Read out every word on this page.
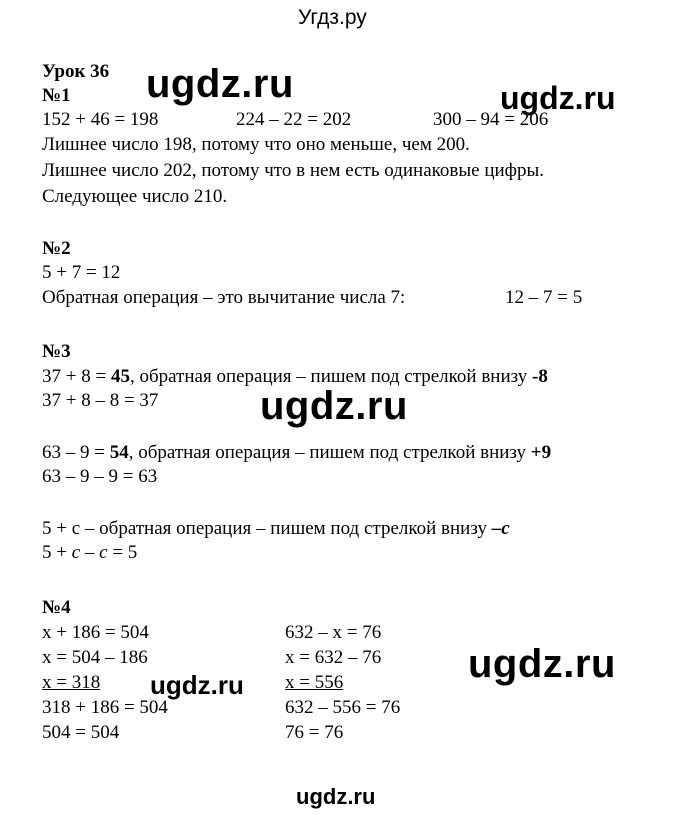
Угдз.ру
ugdz.ru	ugdz.ru
ugdz.ru
ugdz.ru
ugdz.ru
ugdz.ru
Урок 36
№1
152 + 46 = 198	224 – 22 = 202	300 – 94 = 206
Лишнее число 198, потому что оно меньше, чем 200.
Лишнее число 202, потому что в нем есть одинаковые цифры.
Следующее число 210.
№2
5 + 7 = 12
Обратная операция – это вычитание числа 7:	12 – 7 = 5
№3
37 + 8 = 45, обратная операция – пишем под стрелкой внизу -8
37 + 8 – 8 = 37
63 – 9 = 54, обратная операция – пишем под стрелкой внизу +9
63 – 9 – 9 = 63
5 + с – обратная операция – пишем под стрелкой внизу –с
5 + с – с = 5
№4
x + 186 = 504
x = 504 – 186
x = 318
318 + 186 = 504
504 = 504
632 – x = 76
x = 632 – 76
x = 556
632 – 556 = 76
76 = 76
